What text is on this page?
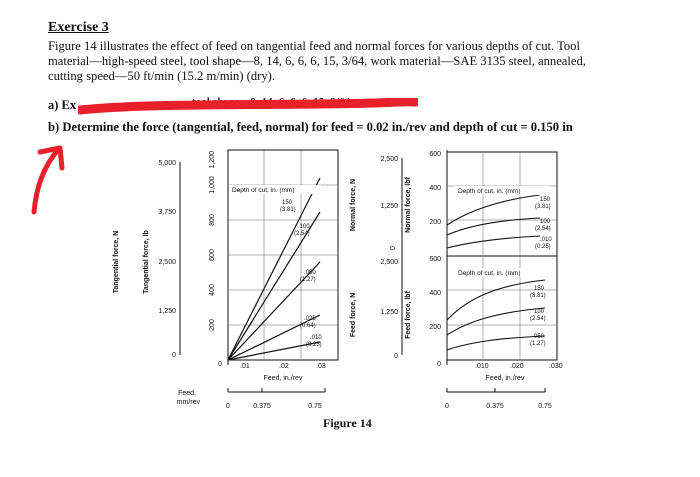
Exercise 3
Figure 14 illustrates the effect of feed on tangential feed and normal forces for various depths of cut. Tool
material—high-speed steel, tool shape—8, 14, 6, 6, 6, 15, 3/64, work material—SAE 3135 steel, annealed,
cutting speed—50 ft/min (15.2 m/min) (dry).
a) Ex	tool shape—8, 14, 6, 6, 6, 15, 3/64,
b) Determine the force (tangential, feed, normal) for feed = 0.02 in./rev and depth of cut = 0.150 in
Tangential force, N	Tangential force, lb
5,000
3,750
2,500
1,250
0
1,200
1,000
800
600
400
200
0
Depth of cut, in. (mm)
150
(3.81)
.100
(2.54)
.050
(1.27)
.025
(0.64)
.010
(0.25)
.01	.02	.03
Feed, in./rev
Feed,
mm/rev
0	0.375	0.75
Normal force, N	Normal force, lbf
Feed force, N	Feed force, lbf
2,500
1,250
0
2,500
1,250
0
600
400
200
600
400
200
0
Depth of cut, in. (mm)
150
(3.81)
100
(2.54)
.010
(0.25)
Depth of cut, in. (mm)
150
(3.81)
100
(2.54)
050
(1.27)
.010	.020	.030
Feed, in./rev
0	0.375	0.75
Figure 14
